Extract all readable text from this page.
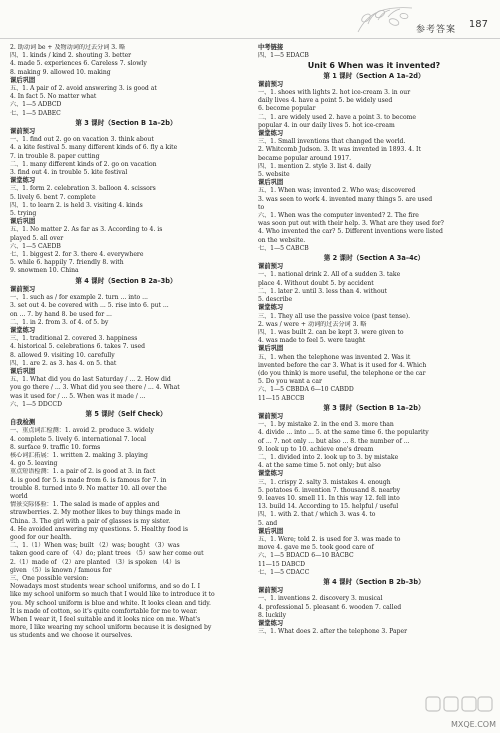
参考答案 187
2. 助动词 be + 及物动词的过去分词 3. 略
四、1. kinds / kind 2. shouting 3. better
4. made 5. experiences 6. Careless 7. slowly
8. making 9. allowed 10. making
课后巩固
五、1. A pair of 2. avoid answering 3. is good at
4. In fact 5. No matter what
六、1—5 ADBCD
七、1—5 DABEC
第 3 课时（Section B 1a–2b）
课前预习
一、1. find out 2. go on vacation 3. think about
4. a kite festival 5. many different kinds of 6. fly a kite
7. in trouble 8. paper cutting
二、1. many different kinds of 2. go on vacation
3. find out 4. in trouble 5. kite festival
课堂练习
三、1. form 2. celebration 3. balloon 4. scissors
5. lively 6. bent 7. complete
四、1. to learn 2. is held 3. visiting 4. kinds
5. trying
课后巩固
五、1. No matter 2. As far as 3. According to 4. is
played 5. all over
六、1—5 CAEDB
七、1. biggest 2. for 3. there 4. everywhere
5. while 6. happily 7. friendly 8. with
9. snowmen 10. China
第 4 课时（Section B 2a–3b）
课前预习
一、1. such as / for example 2. turn ... into ...
3. set out 4. be covered with ... 5. rise into 6. put ...
on ... 7. by hand 8. be used for ...
二、1. in 2. from 3. of 4. of 5. by
课堂练习
三、1. traditional 2. covered 3. happiness
4. historical 5. celebrations 6. takes 7. used
8. allowed 9. visiting 10. carefully
四、1. are 2. as 3. has 4. on 5. that
课后巩固
五、1. What did you do last Saturday / ... 2. How did
you go there / ... 3. What did you see there / ... 4. What
was it used for / ... 5. When was it made / ...
六、1—5 DDCCD
第 5 课时（Self Check）
自我检测
一、重点词汇检测：1. avoid 2. produce 3. widely
4. complete 5. lively 6. international 7. local
8. surface 9. traffic 10. forms
核心词汇拓展：1. written 2. making 3. playing
4. go 5. leaving
重点短语检测：1. a pair of 2. is good at 3. in fact
4. is good for 5. is made from 6. is famous for 7. in
trouble 8. turned into 9. No matter 10. all over the
world
情景交际体验：1. The salad is made of apples and
strawberries. 2. My mother likes to buy things made in
China. 3. The girl with a pair of glasses is my sister.
4. He avoided answering my questions. 5. Healthy food is
good for our health.
二、1.（1）When was; built （2）was; bought （3）was
taken good care of （4）do; plant trees （5）saw her come out
2.（1）made of （2）are planted （3）is spoken （4）is
given （5）is known / famous for
三、One possible version:
Nowadays most students wear school uniforms, and so do I. I
like my school uniform so much that I would like to introduce it to
you. My school uniform is blue and white. It looks clean and tidy.
It is made of cotton, so it's quite comfortable for me to wear.
When I wear it, I feel suitable and it looks nice on me. What's
more, I like wearing my school uniform because it is designed by
us students and we choose it ourselves.
中考链接
四、1—5 EDACB
Unit 6 When was it invented?
第 1 课时（Section A 1a–2d）
课前预习
一、1. shoes with lights 2. hot ice-cream 3. in our
daily lives 4. have a point 5. be widely used
6. become popular
二、1. are widely used 2. have a point 3. to become
popular 4. in our daily lives 5. hot ice-cream
课堂练习
三、1. Small inventions that changed the world.
2. Whitcomb Judson. 3. It was invented in 1893. 4. It
became popular around 1917.
四、1. mention 2. style 3. list 4. daily
5. website
课后巩固
五、1. When was; invented 2. Who was; discovered
3. was seen to work 4. invented many things 5. are used
to
六、1. When was the computer invented? 2. The fire
was soon put out with their help. 3. What are they used for?
4. Who invented the car? 5. Different inventions were listed
on the website.
七、1—5 CABCB
第 2 课时（Section A 3a–4c）
课前预习
一、1. national drink 2. All of a sudden 3. take
place 4. Without doubt 5. by accident
二、1. later 2. until 3. less than 4. without
5. describe
课堂练习
三、1. They all use the passive voice (past tense).
2. was / were + 动词的过去分词 3. 略
四、1. was built 2. can be kept 3. were given to
4. was made to feel 5. were taught
课后巩固
五、1. when the telephone was invented 2. Was it
invented before the car 3. What is it used for 4. Which
(do you think) is more useful, the telephone or the car
5. Do you want a car
六、1—5 CBBDA 6—10 CABDD
11—15 ABCCB
第 3 课时（Section B 1a–2b）
课前预习
一、1. by mistake 2. in the end 3. more than
4. divide ... into ... 5. at the same time 6. the popularity
of ... 7. not only ... but also ... 8. the number of ...
9. look up to 10. achieve one's dream
二、1. divided into 2. look up to 3. by mistake
4. at the same time 5. not only; but also
课堂练习
三、1. crispy 2. salty 3. mistakes 4. enough
5. potatoes 6. invention 7. thousand 8. nearby
9. leaves 10. smell 11. In this way 12. fell into
13. build 14. According to 15. helpful / useful
四、1. with 2. that / which 3. was 4. to
5. and
课后巩固
五、1. Were; told 2. is used for 3. was made to
move 4. gave me 5. took good care of
六、1—5 BDACD 6—10 BACBC
11—15 DABCD
七、1—5 CDACC
第 4 课时（Section B 2b–3b）
课前预习
一、1. inventions 2. discovery 3. musical
4. professional 5. pleasant 6. wooden 7. called
8. luckily
课堂练习
三、1. What does 2. after the telephone 3. Paper
MXQE.COM
